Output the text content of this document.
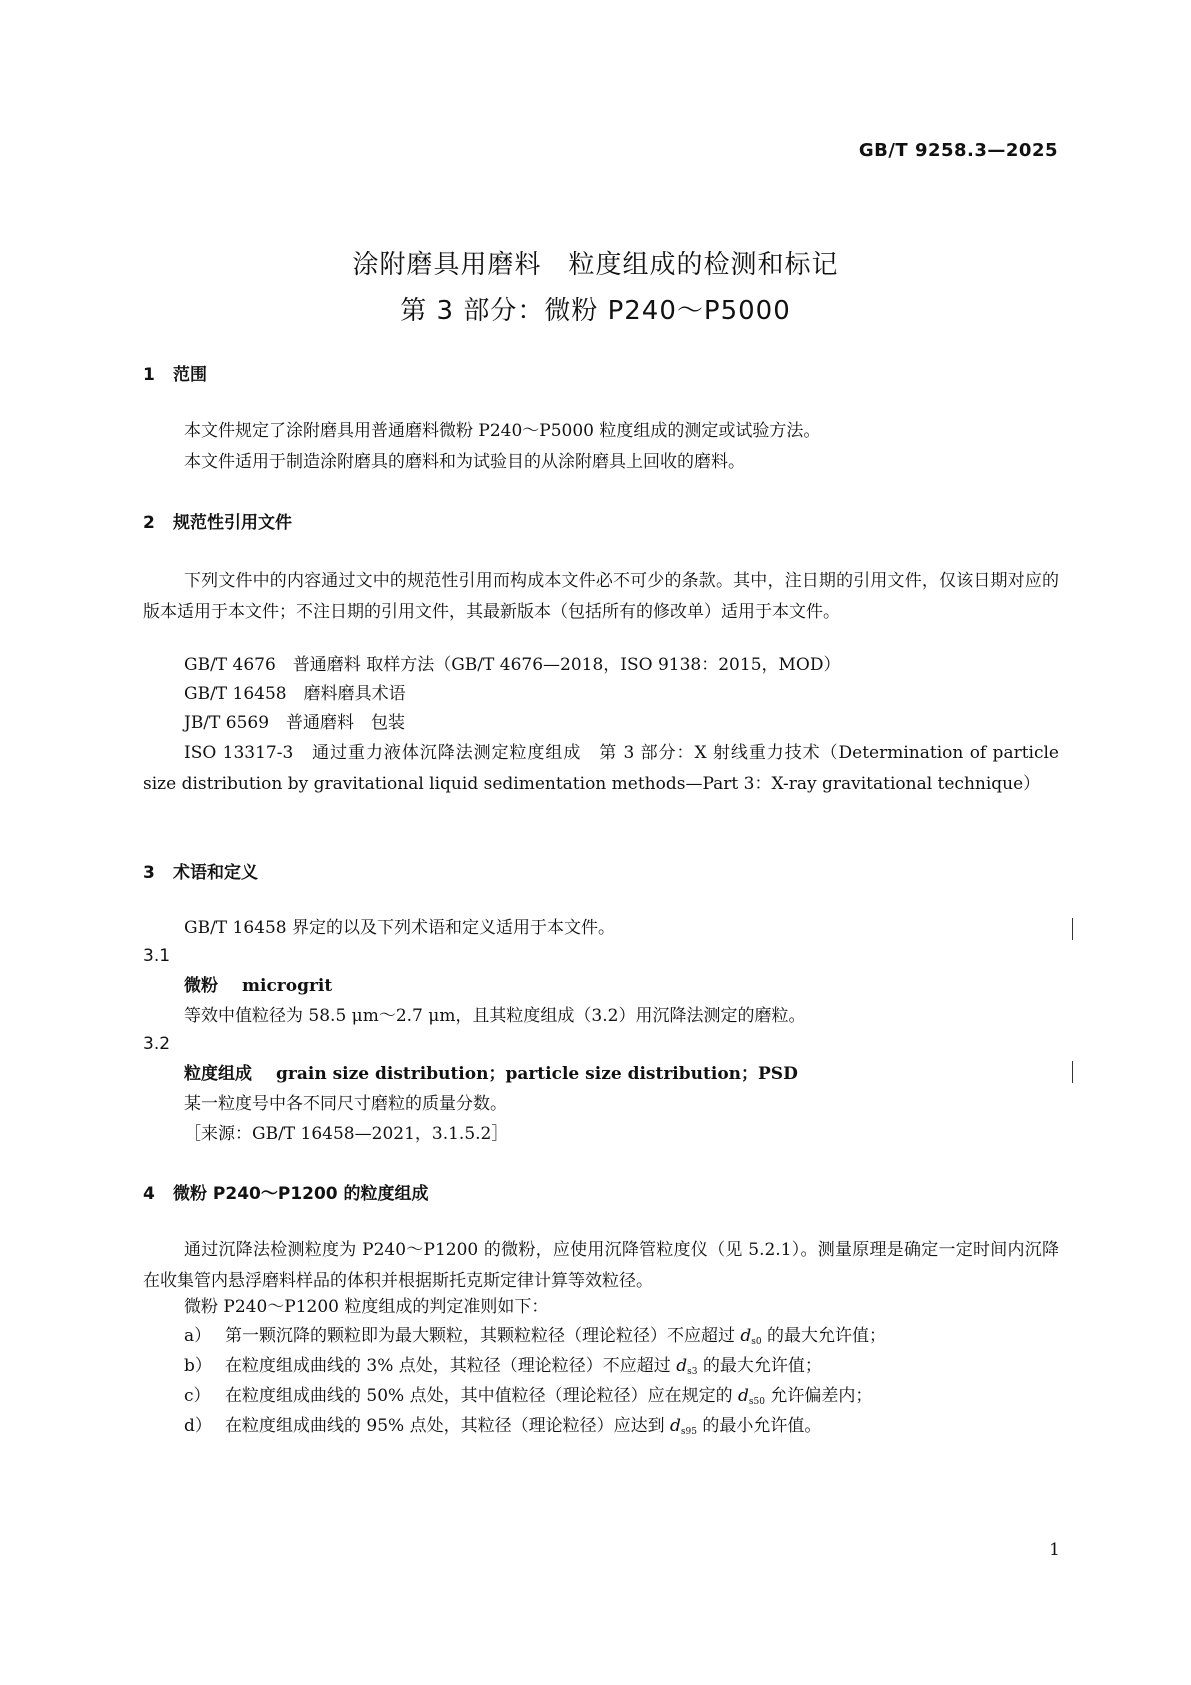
GB/T 9258.3—2025
涂附磨具用磨料　粒度组成的检测和标记
第 3 部分：微粉 P240～P5000
1 范围
本文件规定了涂附磨具用普通磨料微粉 P240～P5000 粒度组成的测定或试验方法。
本文件适用于制造涂附磨具的磨料和为试验目的从涂附磨具上回收的磨料。
2 规范性引用文件
下列文件中的内容通过文中的规范性引用而构成本文件必不可少的条款。其中，注日期的引用文件，仅该日期对应的版本适用于本文件；不注日期的引用文件，其最新版本（包括所有的修改单）适用于本文件。
GB/T 4676　普通磨料 取样方法（GB/T 4676—2018，ISO 9138：2015，MOD）
GB/T 16458　磨料磨具术语
JB/T 6569　普通磨料　包装
ISO 13317-3　通过重力液体沉降法测定粒度组成　第 3 部分：X 射线重力技术（Determination of particle size distribution by gravitational liquid sedimentation methods—Part 3：X-ray gravitational technique）
3 术语和定义
GB/T 16458 界定的以及下列术语和定义适用于本文件。
3.1
微粉 microgrit
等效中值粒径为 58.5 μm～2.7 μm，且其粒度组成（3.2）用沉降法测定的磨粒。
3.2
粒度组成 grain size distribution；particle size distribution；PSD
某一粒度号中各不同尺寸磨粒的质量分数。
［来源：GB/T 16458—2021，3.1.5.2］
4 微粉 P240～P1200 的粒度组成
通过沉降法检测粒度为 P240～P1200 的微粉，应使用沉降管粒度仪（见 5.2.1）。测量原理是确定一定时间内沉降在收集管内悬浮磨料样品的体积并根据斯托克斯定律计算等效粒径。
微粉 P240～P1200 粒度组成的判定准则如下：
a） 第一颗沉降的颗粒即为最大颗粒，其颗粒粒径（理论粒径）不应超过 $d_{s0}$ 的最大允许值；
b） 在粒度组成曲线的 3% 点处，其粒径（理论粒径）不应超过 $d_{s3}$ 的最大允许值；
c） 在粒度组成曲线的 50% 点处，其中值粒径（理论粒径）应在规定的 $d_{s50}$ 允许偏差内；
d） 在粒度组成曲线的 95% 点处，其粒径（理论粒径）应达到 $d_{s95}$ 的最小允许值。
1
